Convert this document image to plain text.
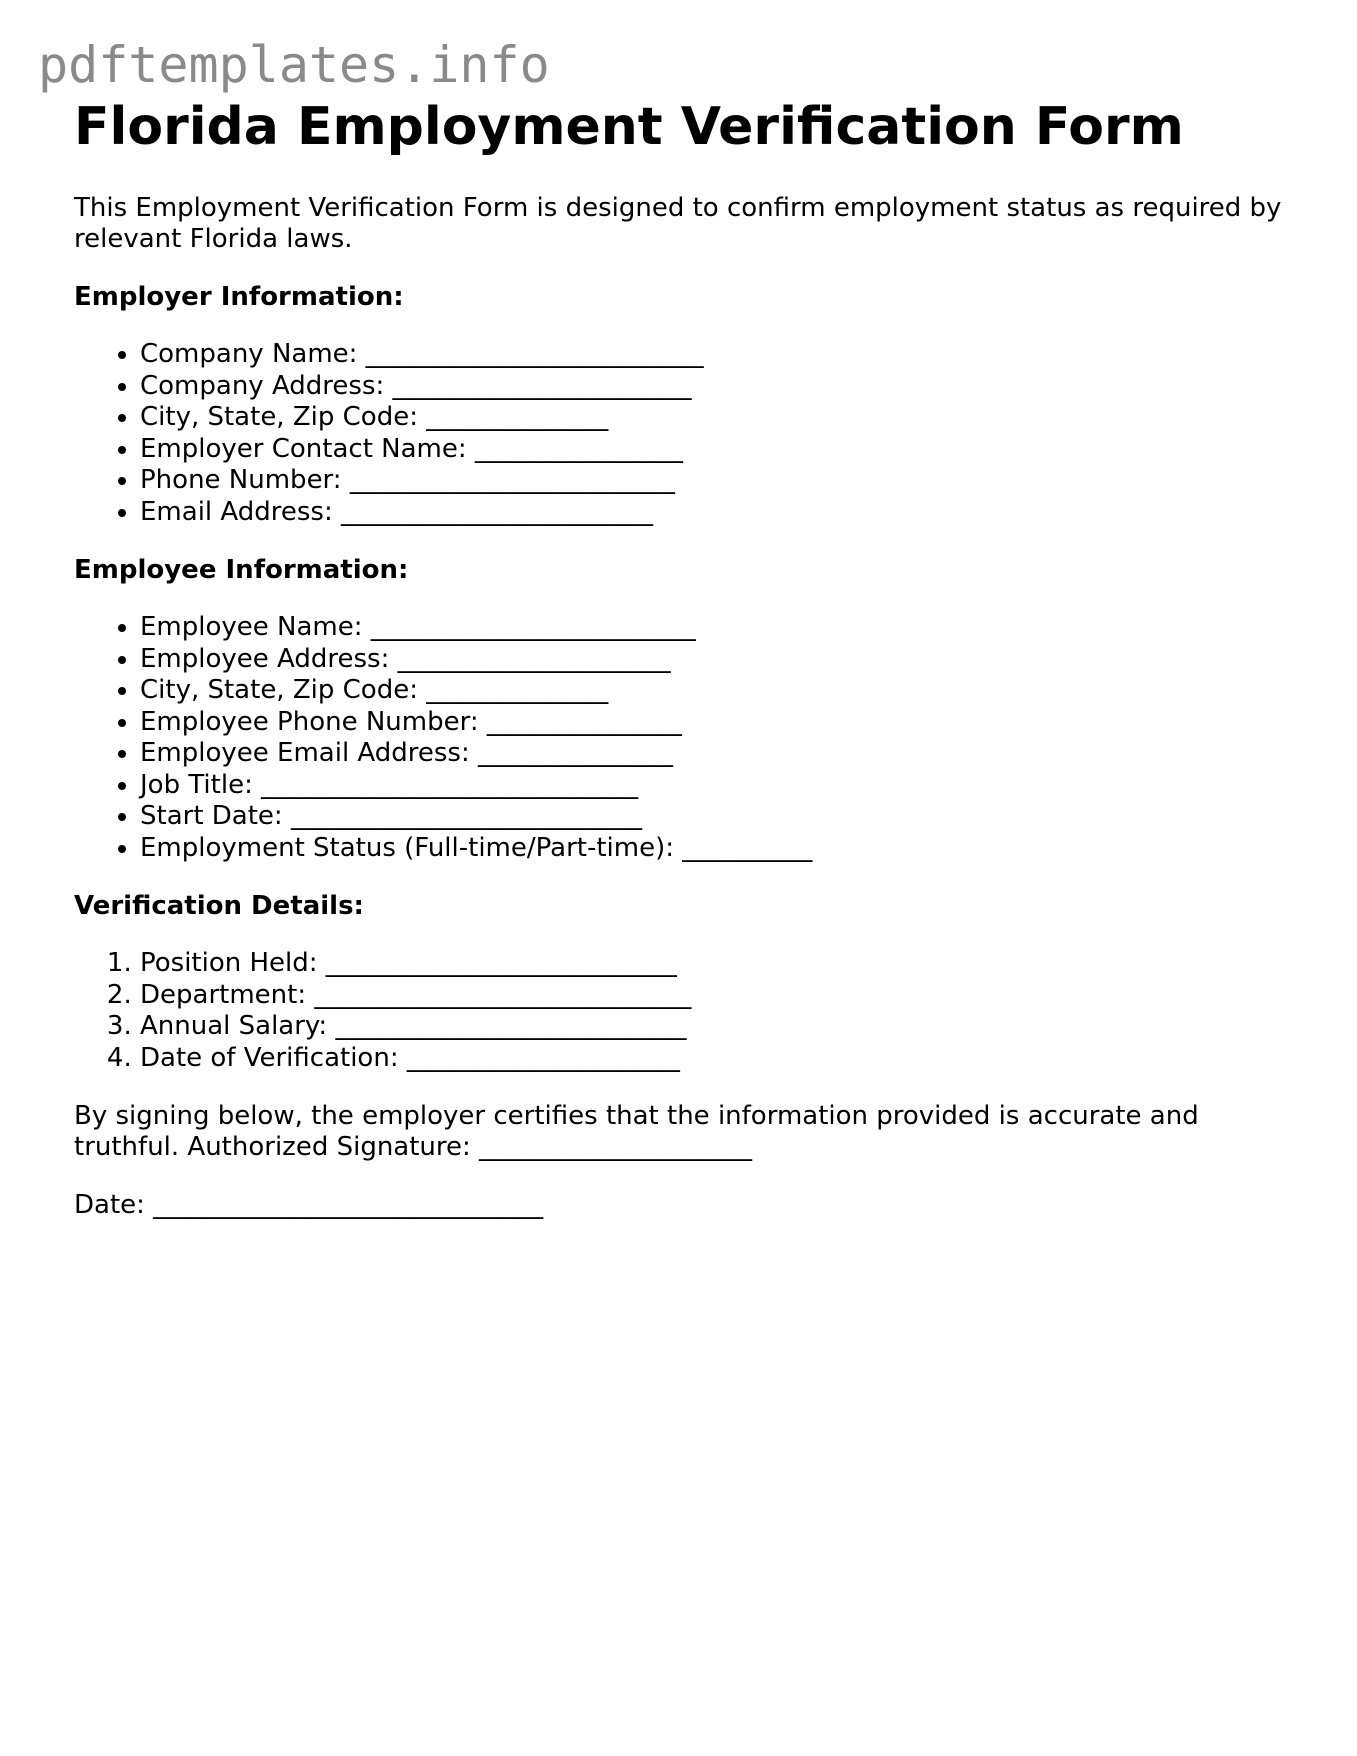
pdftemplates.info
Florida Employment Verification Form

This Employment Verification Form is designed to confirm employment status as required by relevant Florida laws.

Employer Information:
• Company Name: __________________________
• Company Address: _______________________
• City, State, Zip Code: ______________
• Employer Contact Name: ________________
• Phone Number: _________________________
• Email Address: ________________________
Employee Information:
• Employee Name: _________________________
• Employee Address: _____________________
• City, State, Zip Code: ______________
• Employee Phone Number: _______________
• Employee Email Address: _______________
• Job Title: _____________________________
• Start Date: ___________________________
• Employment Status (Full-time/Part-time): __________
Verification Details:
1. Position Held: ___________________________
2. Department: _____________________________
3. Annual Salary: ___________________________
4. Date of Verification: _____________________

By signing below, the employer certifies that the information provided is accurate and truthful. Authorized Signature: _____________________

Date: ______________________________
